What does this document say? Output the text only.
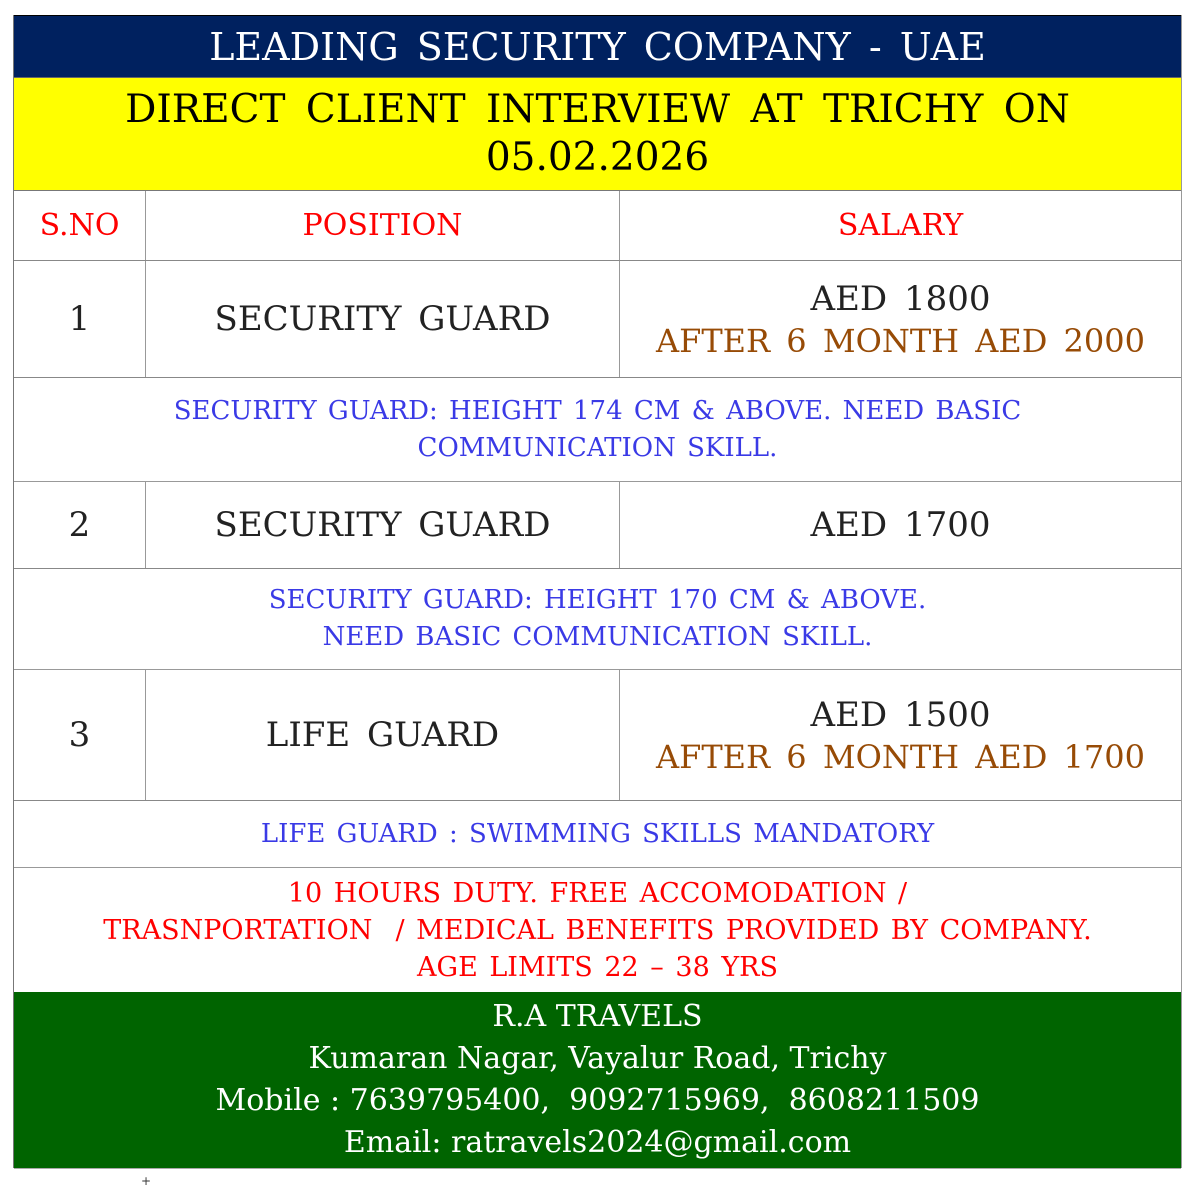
LEADING SECURITY COMPANY - UAE
DIRECT CLIENT INTERVIEW AT TRICHY ON
05.02.2026
S.NO	POSITION	SALARY
1	SECURITY GUARD	AED 1800
AFTER 6 MONTH AED 2000
SECURITY GUARD: HEIGHT 174 CM & ABOVE. NEED BASIC
COMMUNICATION SKILL.
2	SECURITY GUARD	AED 1700
SECURITY GUARD: HEIGHT 170 CM & ABOVE.
NEED BASIC COMMUNICATION SKILL.
3	LIFE GUARD	AED 1500
AFTER 6 MONTH AED 1700
LIFE GUARD : SWIMMING SKILLS MANDATORY
10 HOURS DUTY. FREE ACCOMODATION /
TRASNPORTATION  / MEDICAL BENEFITS PROVIDED BY COMPANY.
AGE LIMITS 22 – 38 YRS
R.A TRAVELS
Kumaran Nagar, Vayalur Road, Trichy
Mobile : 7639795400,  9092715969,  8608211509
Email: ratravels2024@gmail.com
+
